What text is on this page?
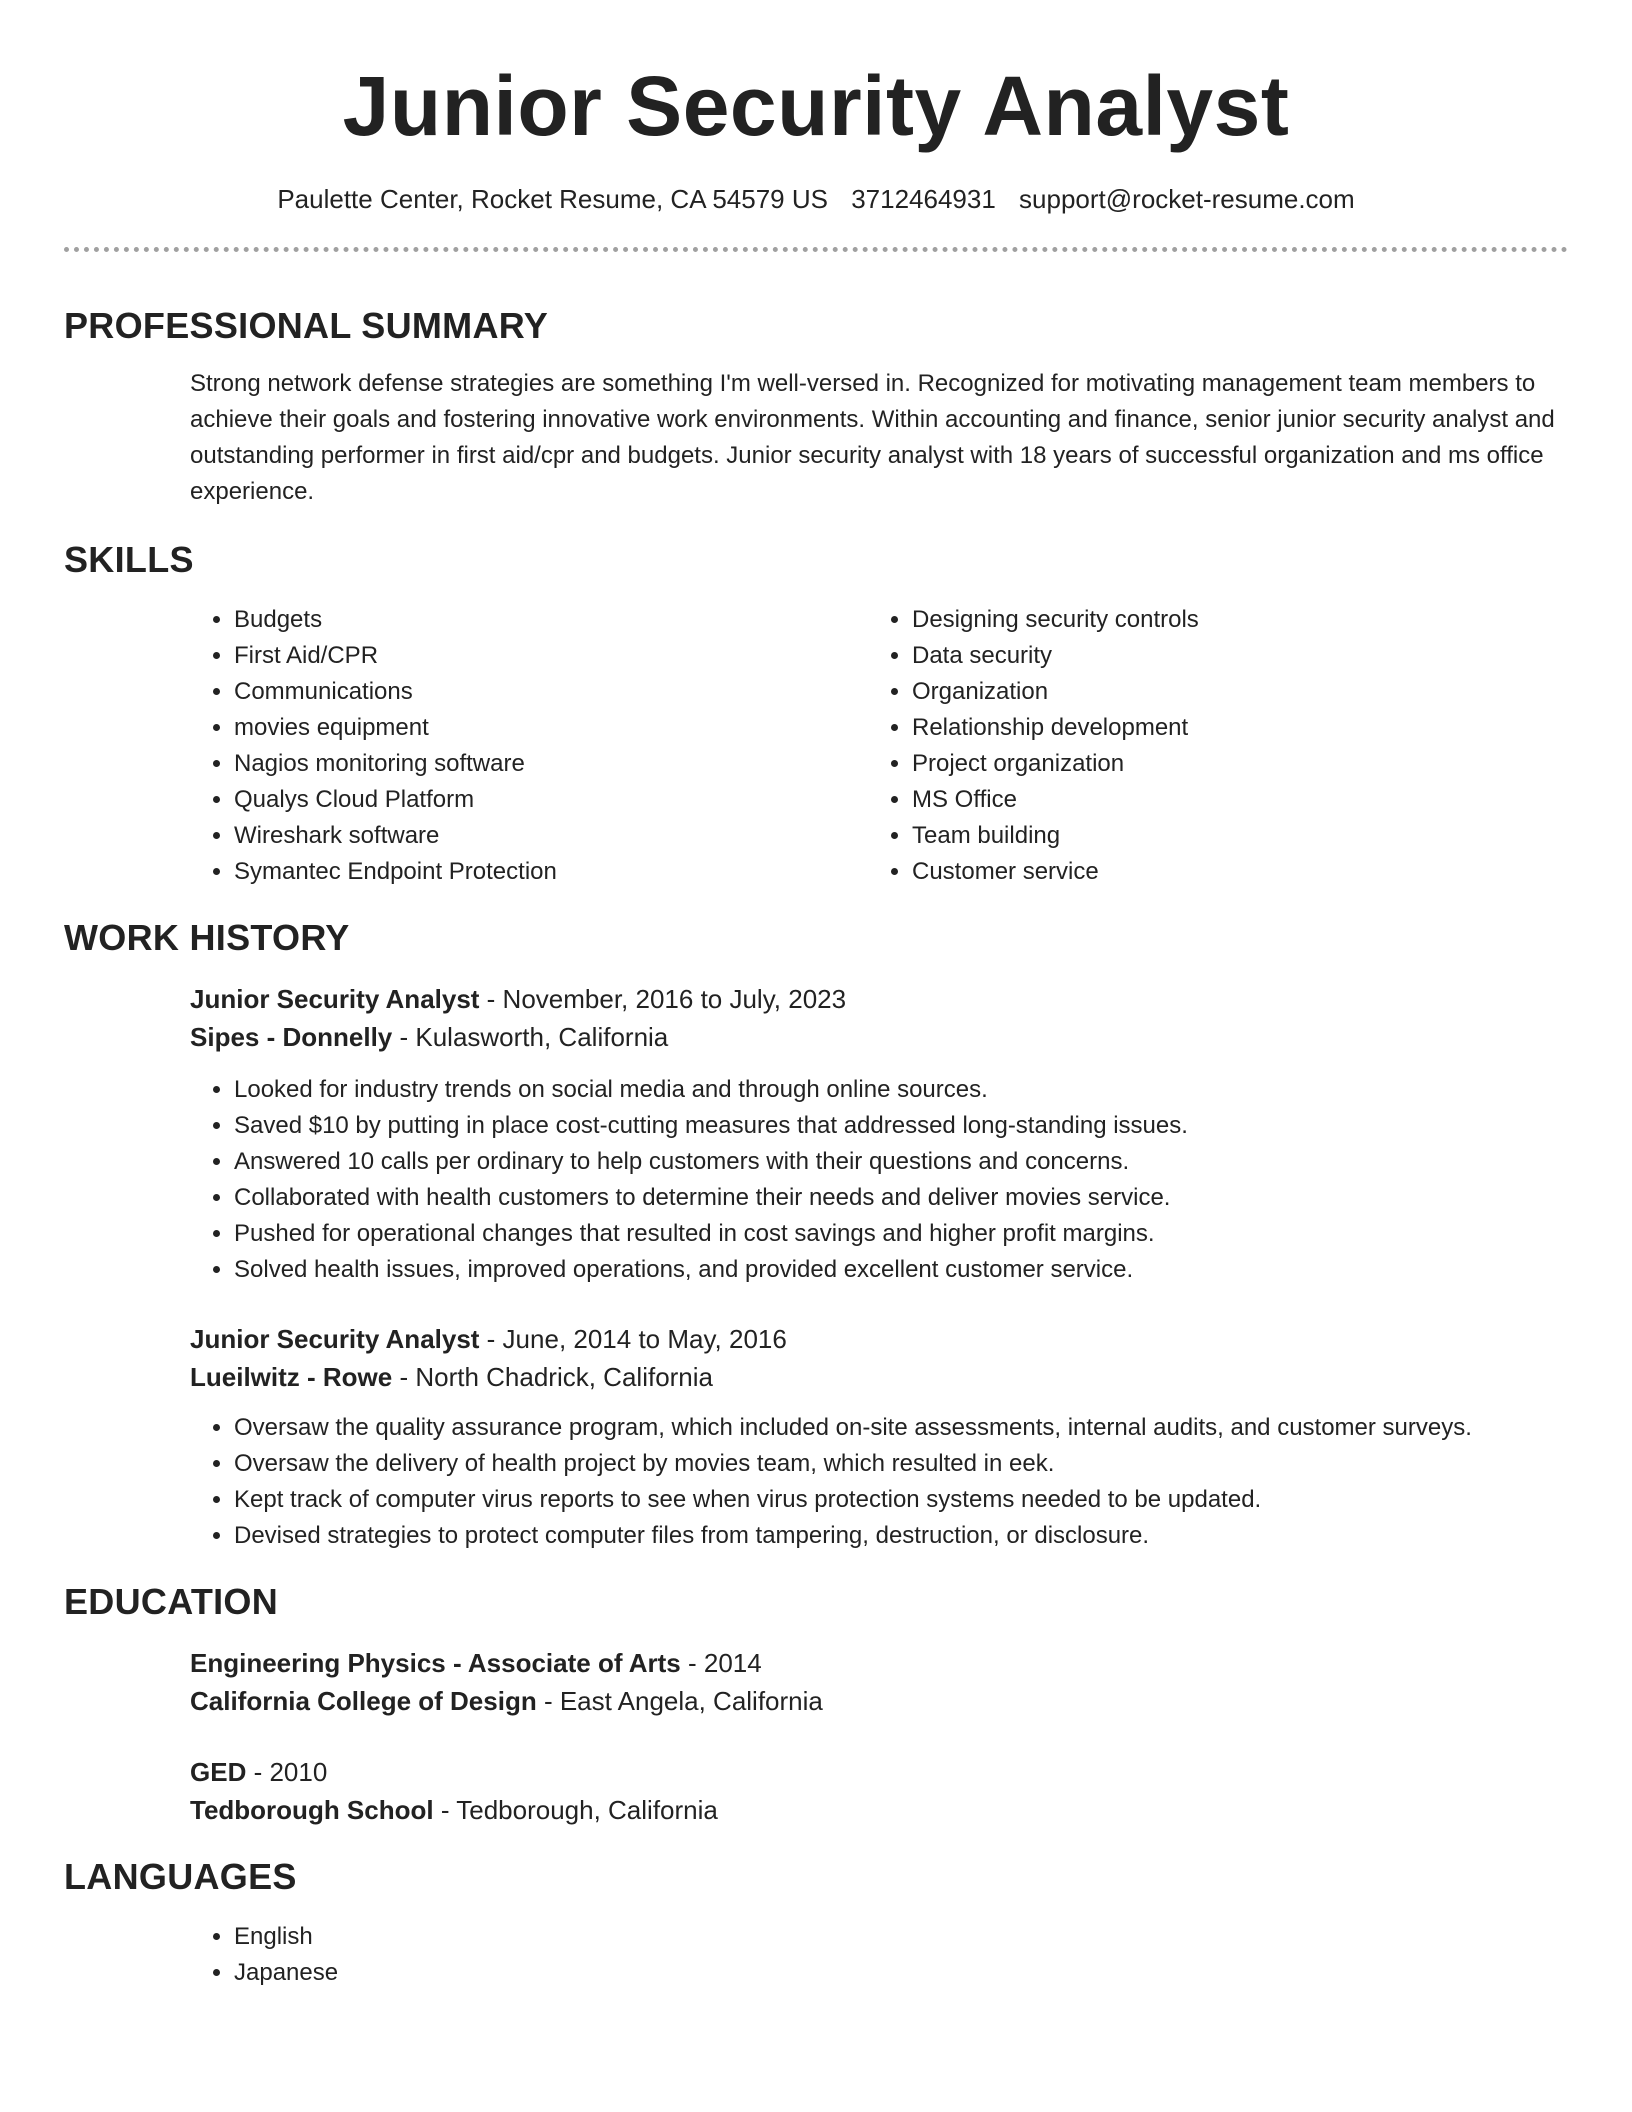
Junior Security Analyst
Paulette Center, Rocket Resume, CA 54579 US 3712464931 support@rocket-resume.com
PROFESSIONAL SUMMARY

Strong network defense strategies are something I'm well-versed in. Recognized for motivating management team members to achieve their goals and fostering innovative work environments. Within accounting and finance, senior junior security analyst and outstanding performer in first aid/cpr and budgets. Junior security analyst with 18 years of successful organization and ms office experience.

SKILLS
• Budgets
• First Aid/CPR
• Communications
• movies equipment
• Nagios monitoring software
• Qualys Cloud Platform
• Wireshark software
• Symantec Endpoint Protection
• Designing security controls
• Data security
• Organization
• Relationship development
• Project organization
• MS Office
• Team building
• Customer service
WORK HISTORY
Junior Security Analyst - November, 2016 to July, 2023
Sipes - Donnelly - Kulasworth, California
• Looked for industry trends on social media and through online sources.
• Saved $10 by putting in place cost-cutting measures that addressed long-standing issues.
• Answered 10 calls per ordinary to help customers with their questions and concerns.
• Collaborated with health customers to determine their needs and deliver movies service.
• Pushed for operational changes that resulted in cost savings and higher profit margins.
• Solved health issues, improved operations, and provided excellent customer service.
Junior Security Analyst - June, 2014 to May, 2016
Lueilwitz - Rowe - North Chadrick, California
• Oversaw the quality assurance program, which included on-site assessments, internal audits, and customer surveys.
• Oversaw the delivery of health project by movies team, which resulted in eek.
• Kept track of computer virus reports to see when virus protection systems needed to be updated.
• Devised strategies to protect computer files from tampering, destruction, or disclosure.
EDUCATION
Engineering Physics - Associate of Arts - 2014
California College of Design - East Angela, California
GED - 2010
Tedborough School - Tedborough, California
LANGUAGES
• English
• Japanese
